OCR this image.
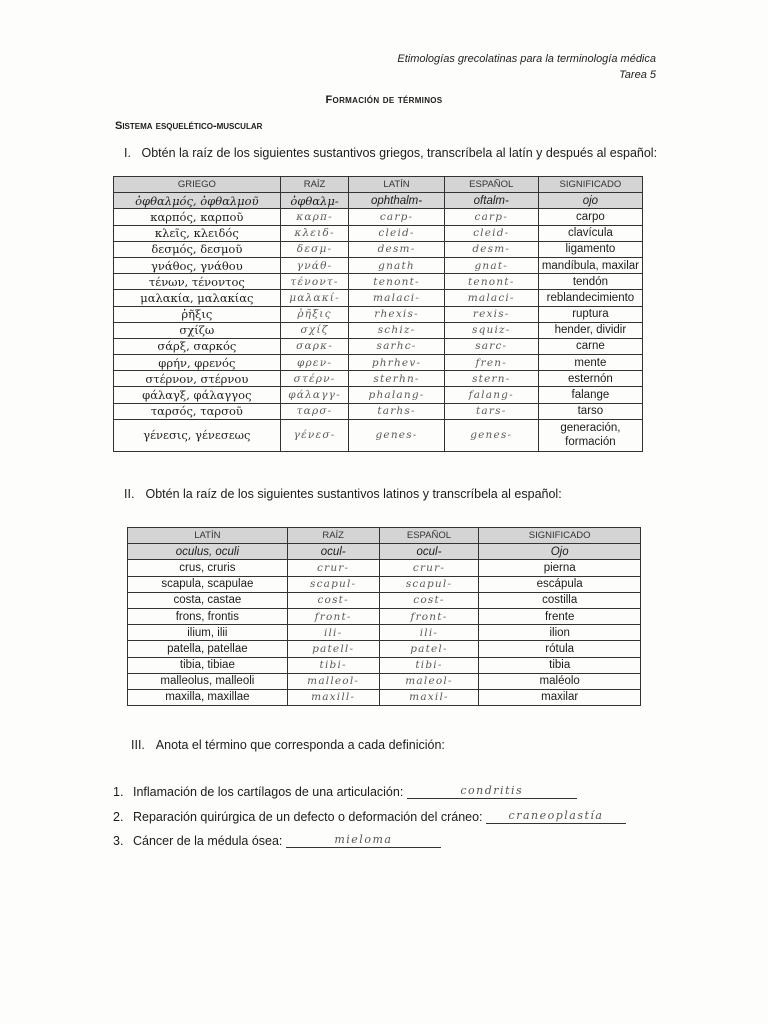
Etimologías grecolatinas para la terminología médica
Tarea 5
Formación de términos
Sistema esquelético-muscular
I. Obtén la raíz de los siguientes sustantivos griegos, transcríbela al latín y después al español:
GRIEGO	RAÍZ	LATÍN	ESPAÑOL	SIGNIFICADO
ὀφθαλμός, ὀφθαλμοῦ	ὀφθαλμ-	ophthalm-	oftalm-	ojo
καρπός, καρποῦ	καρπ-	carp-	carp-	carpo
κλεῖς, κλειδός	κλειδ-	cleid-	cleid-	clavícula
δεσμός, δεσμοῦ	δεσμ-	desm-	desm-	ligamento
γνάθος, γνάθου	γνάθ-	gnath	gnat-	mandíbula, maxilar
τένων, τένοντος	τένοντ-	tenont-	tenont-	tendón
μαλακία, μαλακίας	μαλακί-	malaci-	malaci-	reblandecimiento
ῥῆξις	ῥῆξις	rhexis-	rexis-	ruptura
σχίζω	σχίζ	schiz-	squiz-	hender, dividir
σάρξ, σαρκός	σαρκ-	sarhc-	sarc-	carne
φρήν, φρενός	φρεν-	phrhev-	fren-	mente
στέρνον, στέρνου	στέρν-	sterhn-	stern-	esternón
φάλαγξ, φάλαγγος	φάλαγγ-	phalang-	falang-	falange
ταρσός, ταρσοῦ	ταρσ-	tarhs-	tars-	tarso
γένεσις, γένεσεως	γένεσ-	genes-	genes-	generación, formación
II. Obtén la raíz de los siguientes sustantivos latinos y transcríbela al español:
LATÍN	RAÍZ	ESPAÑOL	SIGNIFICADO
oculus, oculi	ocul-	ocul-	Ojo
crus, cruris	crur-	crur-	pierna
scapula, scapulae	scapul-	scapul-	escápula
costa, castae	cost-	cost-	costilla
frons, frontis	front-	front-	frente
ilium, ilii	ili-	ili-	ilion
patella, patellae	patell-	patel-	rótula
tibia, tibiae	tibi-	tibi-	tibia
malleolus, malleoli	malleol-	maleol-	maléolo
maxilla, maxillae	maxill-	maxil-	maxilar
III. Anota el término que corresponda a cada definición:
1. Inflamación de los cartílagos de una articulación:	condritis
2. Reparación quirúrgica de un defecto o deformación del cráneo:	craneoplastía
3. Cáncer de la médula ósea:	mieloma
